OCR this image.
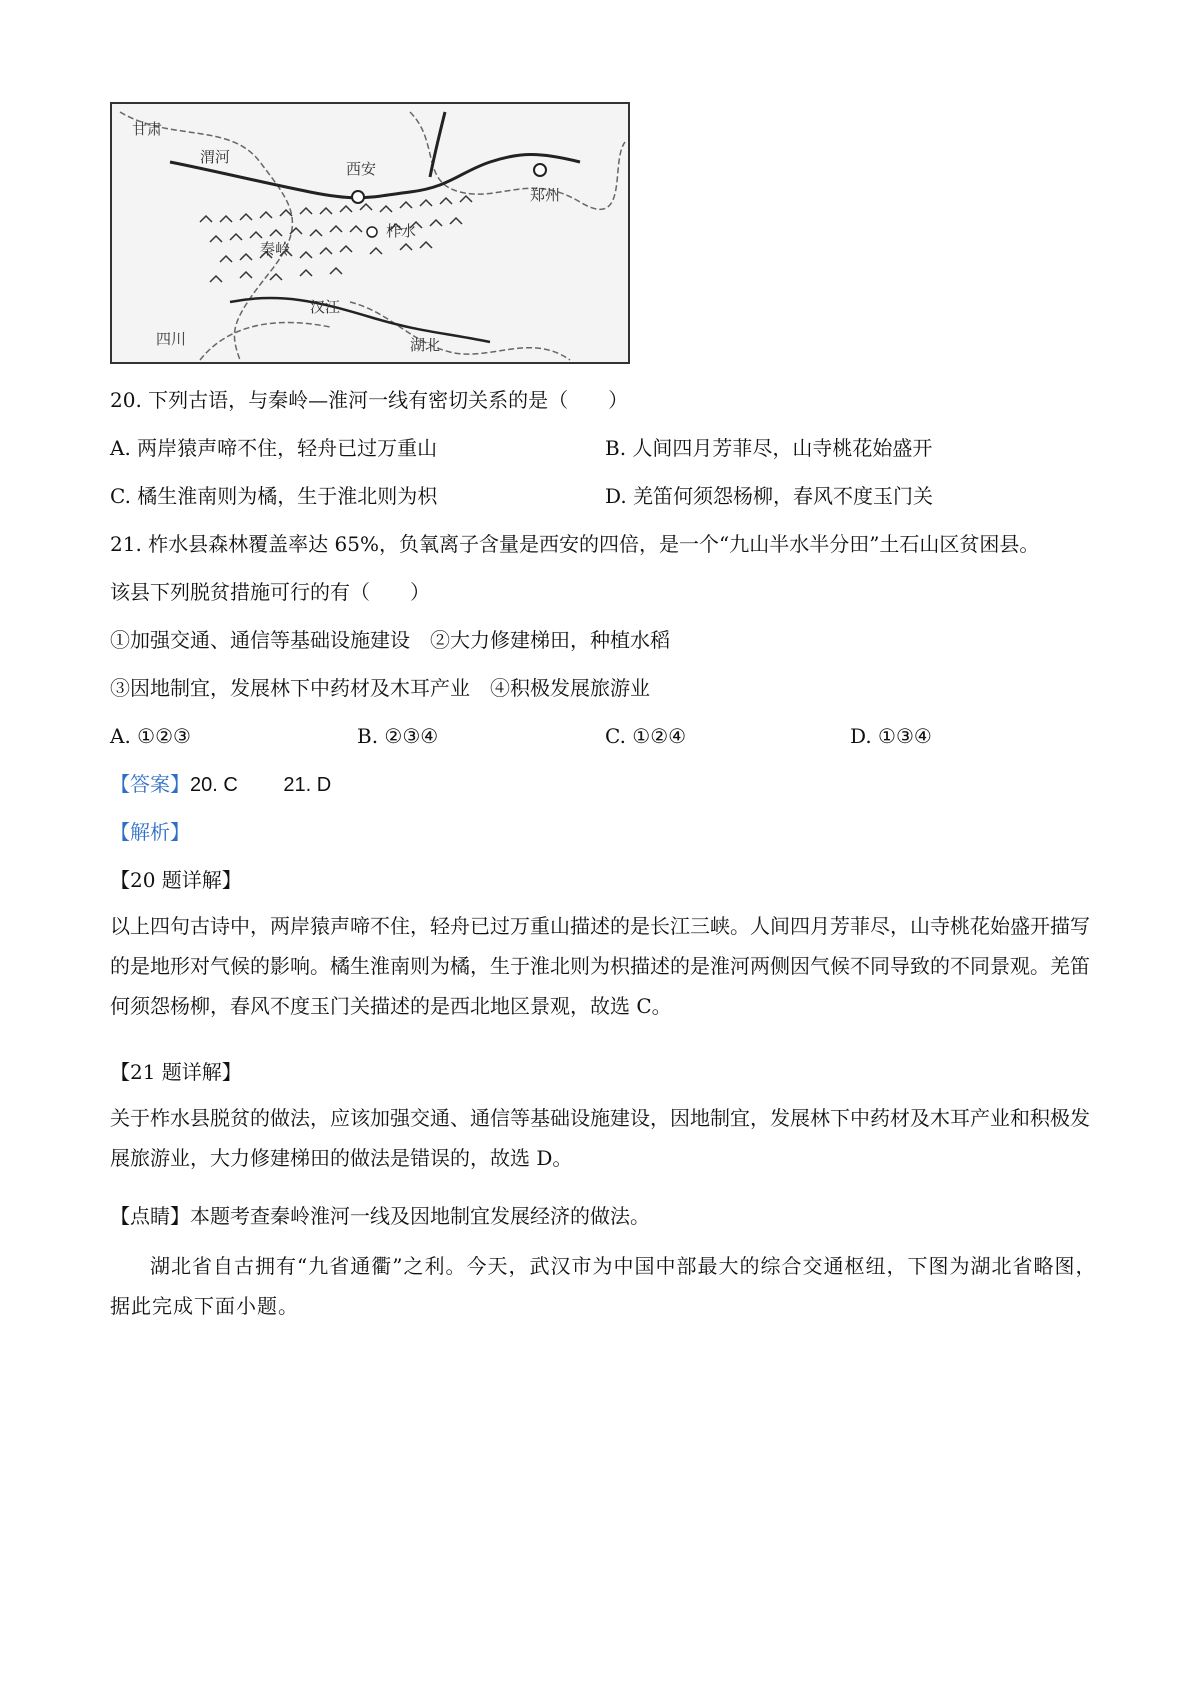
甘肃
渭河
西安
郑州
四川	湖北
汉江
秦岭
柞水
20. 下列古语，与秦岭—淮河一线有密切关系的是（　　）
A. 两岸猿声啼不住，轻舟已过万重山	B. 人间四月芳菲尽，山寺桃花始盛开
C. 橘生淮南则为橘，生于淮北则为枳	D. 羌笛何须怨杨柳，春风不度玉门关
21. 柞水县森林覆盖率达 65%，负氧离子含量是西安的四倍，是一个“九山半水半分田”土石山区贫困县。
该县下列脱贫措施可行的有（　　）
①加强交通、通信等基础设施建设　②大力修建梯田，种植水稻
③因地制宜，发展林下中药材及木耳产业　④积极发展旅游业
A. ①②③	B. ②③④	C. ①②④	D. ①③④
【答案】20. C　　 21. D
【解析】
【20 题详解】
以上四句古诗中，两岸猿声啼不住，轻舟已过万重山描述的是长江三峡。人间四月芳菲尽，山寺桃花始盛开描写的是地形对气候的影响。橘生淮南则为橘，生于淮北则为枳描述的是淮河两侧因气候不同导致的不同景观。羌笛何须怨杨柳，春风不度玉门关描述的是西北地区景观，故选 C。
【21 题详解】
关于柞水县脱贫的做法，应该加强交通、通信等基础设施建设，因地制宜，发展林下中药材及木耳产业和积极发展旅游业，大力修建梯田的做法是错误的，故选 D。
【点睛】本题考查秦岭淮河一线及因地制宜发展经济的做法。
湖北省自古拥有“九省通衢”之利。今天，武汉市为中国中部最大的综合交通枢纽，下图为湖北省略图，据此完成下面小题。
